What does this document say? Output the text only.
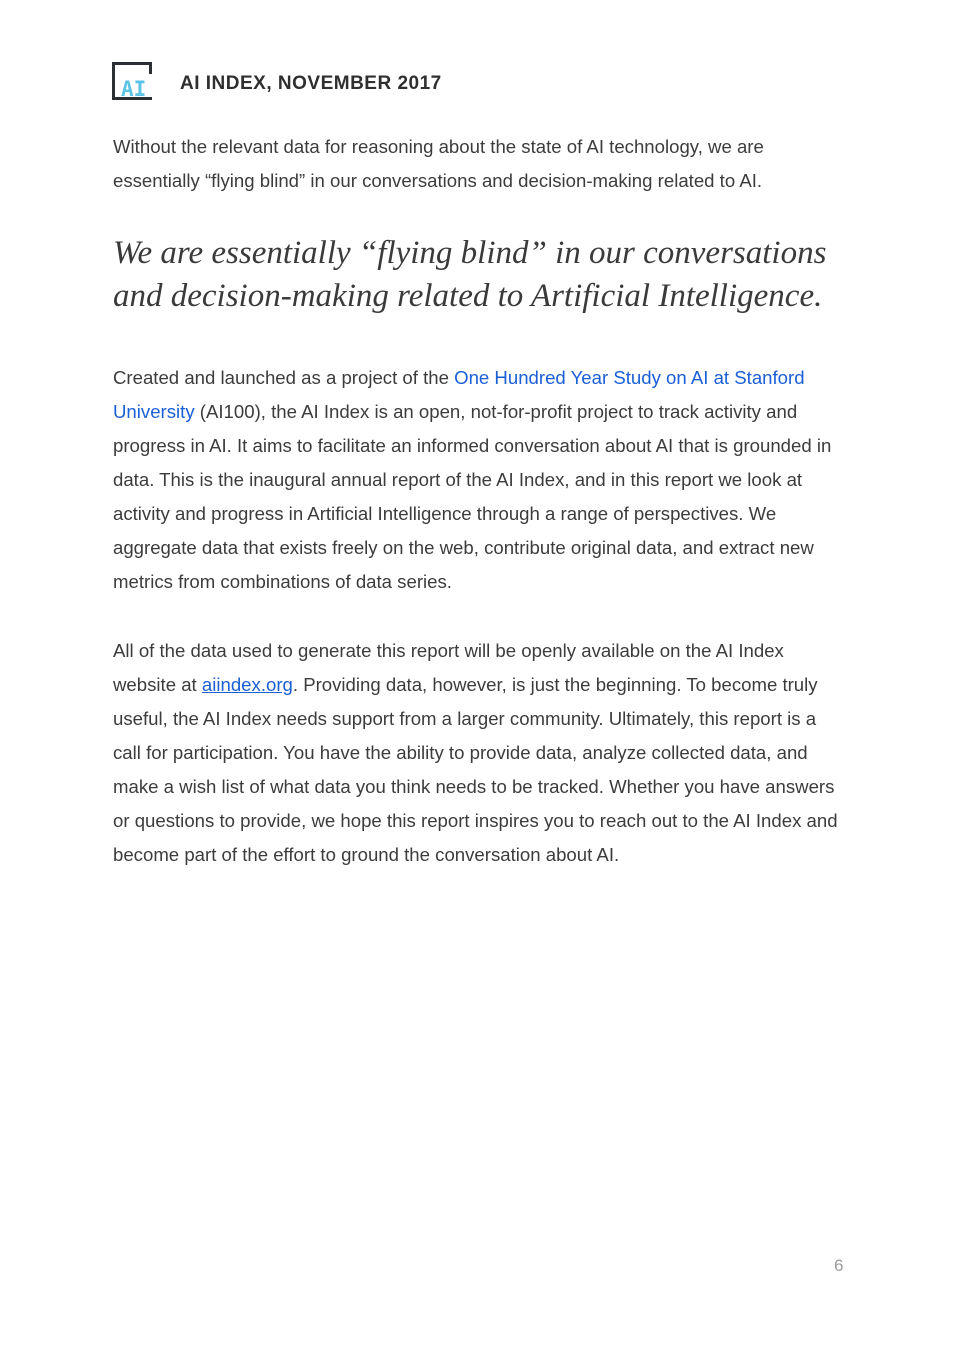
AI AI INDEX, NOVEMBER 2017

Without the relevant data for reasoning about the state of AI technology, we are essentially “flying blind” in our conversations and decision-making related to AI.

We are essentially “flying blind” in our conversations and decision-making related to Artificial Intelligence.

Created and launched as a project of the One Hundred Year Study on AI at Stanford University (AI100), the AI Index is an open, not-for-profit project to track activity and progress in AI. It aims to facilitate an informed conversation about AI that is grounded in data. This is the inaugural annual report of the AI Index, and in this report we look at activity and progress in Artificial Intelligence through a range of perspectives. We aggregate data that exists freely on the web, contribute original data, and extract new metrics from combinations of data series.

All of the data used to generate this report will be openly available on the AI Index website at aiindex.org. Providing data, however, is just the beginning. To become truly useful, the AI Index needs support from a larger community. Ultimately, this report is a call for participation. You have the ability to provide data, analyze collected data, and make a wish list of what data you think needs to be tracked. Whether you have answers or questions to provide, we hope this report inspires you to reach out to the AI Index and become part of the effort to ground the conversation about AI.

6
